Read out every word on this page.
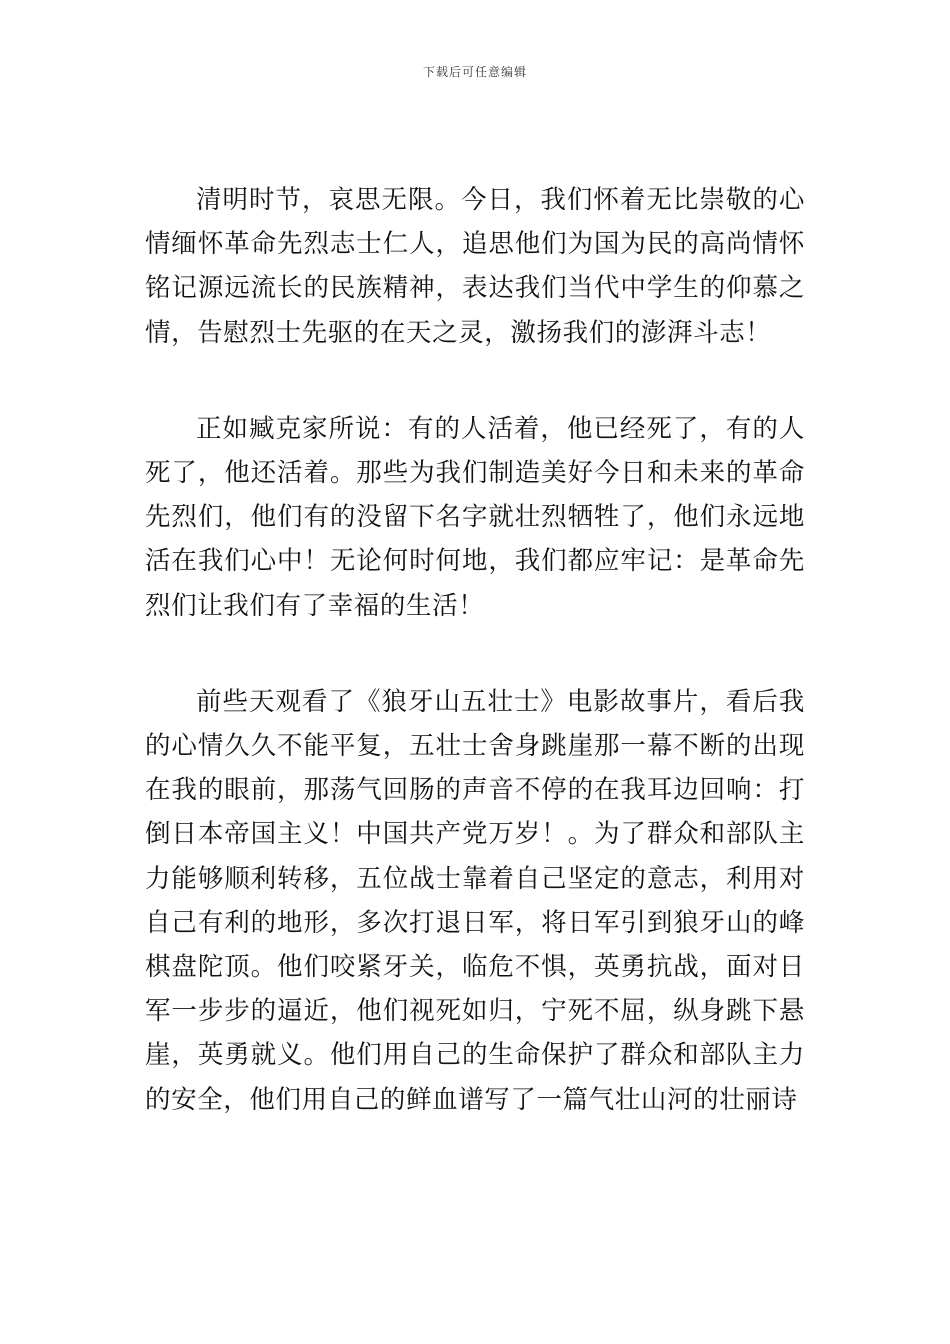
下载后可任意编辑

清明时节，哀思无限。今日，我们怀着无比崇敬的心情缅怀革命先烈志士仁人，追思他们为国为民的高尚情怀铭记源远流长的民族精神，表达我们当代中学生的仰慕之情，告慰烈士先驱的在天之灵，激扬我们的澎湃斗志！

正如臧克家所说：有的人活着，他已经死了，有的人死了，他还活着。那些为我们制造美好今日和未来的革命先烈们，他们有的没留下名字就壮烈牺牲了，他们永远地活在我们心中！无论何时何地，我们都应牢记：是革命先烈们让我们有了幸福的生活！

前些天观看了《狼牙山五壮士》电影故事片，看后我的心情久久不能平复，五壮士舍身跳崖那一幕不断的出现在我的眼前，那荡气回肠的声音不停的在我耳边回响：打倒日本帝国主义！中国共产党万岁！。为了群众和部队主力能够顺利转移，五位战士靠着自己坚定的意志，利用对自己有利的地形，多次打退日军，将日军引到狼牙山的峰棋盘陀顶。他们咬紧牙关，临危不惧，英勇抗战，面对日军一步步的逼近，他们视死如归，宁死不屈，纵身跳下悬崖，英勇就义。他们用自己的生命保护了群众和部队主力的安全，他们用自己的鲜血谱写了一篇气壮山河的壮丽诗
